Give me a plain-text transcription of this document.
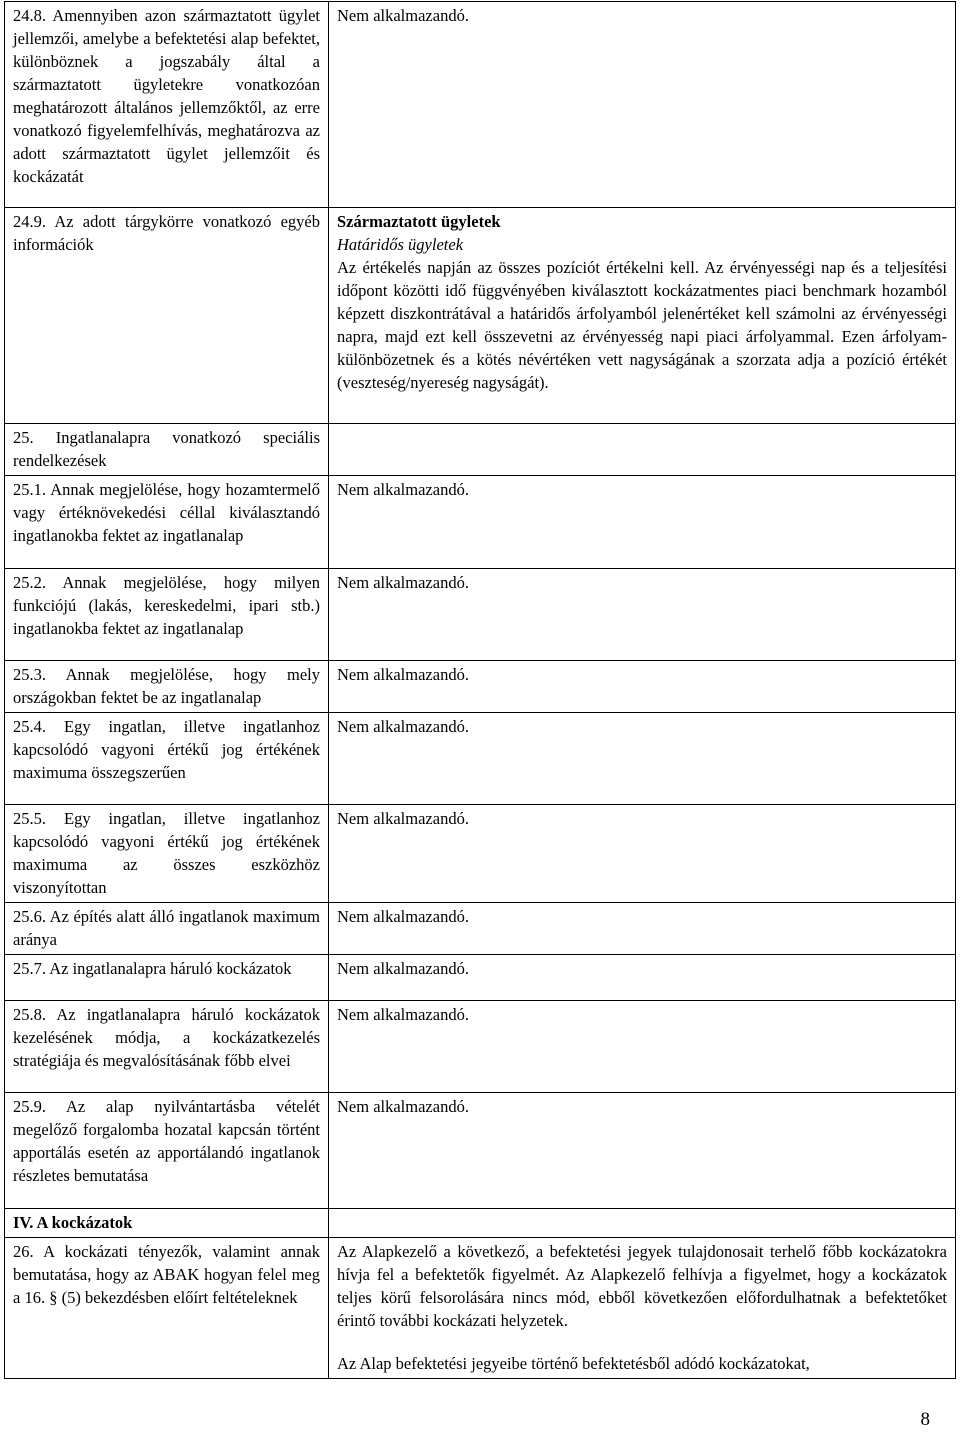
24.8. Amennyiben azon származtatott ügylet jellemzői, amelybe a befektetési alap befektet, különböznek a jogszabály által a származtatott ügyletekre vonatkozóan meghatározott általános jellemzőktől, az erre vonatkozó figyelemfelhívás, meghatározva az adott származtatott ügylet jellemzőit és kockázatát	Nem alkalmazandó.
24.9. Az adott tárgykörre vonatkozó egyéb információk	Származtatott ügyletek
Határidős ügyletek
Az értékelés napján az összes pozíciót értékelni kell. Az érvényességi nap és a teljesítési időpont közötti idő függvényében kiválasztott kockázatmentes piaci benchmark hozamból képzett diszkontrátával a határidős árfolyamból jelenértéket kell számolni az érvényességi napra, majd ezt kell összevetni az érvényesség napi piaci árfolyammal. Ezen árfolyam-különbözetnek és a kötés névértéken vett nagyságának a szorzata adja a pozíció értékét (veszteség/nyereség nagyságát).

25. Ingatlanalapra vonatkozó speciális rendelkezések	
25.1. Annak megjelölése, hogy hozamtermelő vagy értéknövekedési céllal kiválasztandó ingatlanokba fektet az ingatlanalap	Nem alkalmazandó.
25.2. Annak megjelölése, hogy milyen funkciójú (lakás, kereskedelmi, ipari stb.) ingatlanokba fektet az ingatlanalap	Nem alkalmazandó.
25.3. Annak megjelölése, hogy mely országokban fektet be az ingatlanalap	Nem alkalmazandó.
25.4. Egy ingatlan, illetve ingatlanhoz kapcsolódó vagyoni értékű jog értékének maximuma összegszerűen	Nem alkalmazandó.
25.5. Egy ingatlan, illetve ingatlanhoz kapcsolódó vagyoni értékű jog értékének maximuma az összes eszközhöz viszonyítottan	Nem alkalmazandó.
25.6. Az építés alatt álló ingatlanok maximum aránya	Nem alkalmazandó.
25.7. Az ingatlanalapra háruló kockázatok	Nem alkalmazandó.
25.8. Az ingatlanalapra háruló kockázatok kezelésének módja, a kockázatkezelés stratégiája és megvalósításának főbb elvei	Nem alkalmazandó.
25.9. Az alap nyilvántartásba vételét megelőző forgalomba hozatal kapcsán történt apportálás esetén az apportálandó ingatlanok részletes bemutatása	Nem alkalmazandó.
IV. A kockázatok	
26. A kockázati tényezők, valamint annak bemutatása, hogy az ABAK hogyan felel meg a 16. § (5) bekezdésben előírt feltételeknek	Az Alapkezelő a következő, a befektetési jegyek tulajdonosait terhelő főbb kockázatokra hívja fel a befektetők figyelmét. Az Alapkezelő felhívja a figyelmet, hogy a kockázatok teljes körű felsorolására nincs mód, ebből következően előfordulhatnak a befektetőket érintő további kockázati helyzetek.
Az Alap befektetési jegyeibe történő befektetésből adódó kockázatokat,
8
